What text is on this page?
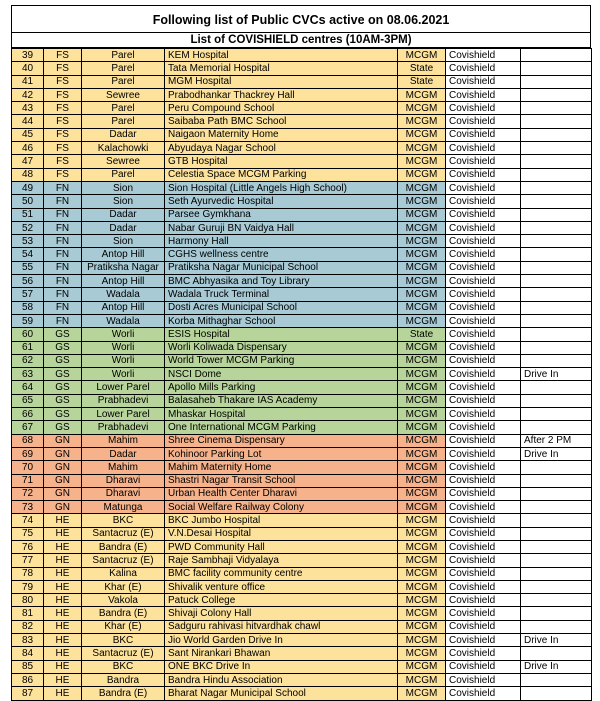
Following list of Public CVCs active on 08.06.2021
List of COVISHIELD centres (10AM-3PM)
39	FS	Parel	KEM Hospital	MCGM	Covishield	
40	FS	Parel	Tata Memorial Hospital	State	Covishield	
41	FS	Parel	MGM Hospital	State	Covishield	
42	FS	Sewree	Prabodhankar Thackrey Hall	MCGM	Covishield	
43	FS	Parel	Peru Compound School	MCGM	Covishield	
44	FS	Parel	Saibaba Path BMC School	MCGM	Covishield	
45	FS	Dadar	Naigaon Maternity Home	MCGM	Covishield	
46	FS	Kalachowki	Abyudaya Nagar School	MCGM	Covishield	
47	FS	Sewree	GTB Hospital	MCGM	Covishield	
48	FS	Parel	Celestia Space MCGM Parking	MCGM	Covishield	
49	FN	Sion	Sion Hospital (Little Angels High School)	MCGM	Covishield	
50	FN	Sion	Seth Ayurvedic Hospital	MCGM	Covishield	
51	FN	Dadar	Parsee Gymkhana	MCGM	Covishield	
52	FN	Dadar	Nabar Guruji BN Vaidya Hall	MCGM	Covishield	
53	FN	Sion	Harmony Hall	MCGM	Covishield	
54	FN	Antop Hill	CGHS wellness centre	MCGM	Covishield	
55	FN	Pratiksha Nagar	Pratiksha Nagar Municipal School	MCGM	Covishield	
56	FN	Antop Hill	BMC Abhyasika and Toy Library	MCGM	Covishield	
57	FN	Wadala	Wadala Truck Terminal	MCGM	Covishield	
58	FN	Antop Hill	Dosti Acres Municipal School	MCGM	Covishield	
59	FN	Wadala	Korba Mithaghar School	MCGM	Covishield	
60	GS	Worli	ESIS Hospital	State	Covishield	
61	GS	Worli	Worli Koliwada Dispensary	MCGM	Covishield	
62	GS	Worli	World Tower MCGM Parking	MCGM	Covishield	
63	GS	Worli	NSCI Dome	MCGM	Covishield	Drive In
64	GS	Lower Parel	Apollo Mills Parking	MCGM	Covishield	
65	GS	Prabhadevi	Balasaheb Thakare IAS Academy	MCGM	Covishield	
66	GS	Lower Parel	Mhaskar Hospital	MCGM	Covishield	
67	GS	Prabhadevi	One International MCGM Parking	MCGM	Covishield	
68	GN	Mahim	Shree Cinema Dispensary	MCGM	Covishield	After 2 PM
69	GN	Dadar	Kohinoor Parking Lot	MCGM	Covishield	Drive In
70	GN	Mahim	Mahim Maternity Home	MCGM	Covishield	
71	GN	Dharavi	Shastri Nagar Transit School	MCGM	Covishield	
72	GN	Dharavi	Urban Health Center Dharavi	MCGM	Covishield	
73	GN	Matunga	Social Welfare Railway Colony	MCGM	Covishield	
74	HE	BKC	BKC Jumbo Hospital	MCGM	Covishield	
75	HE	Santacruz (E)	V.N.Desai Hospital	MCGM	Covishield	
76	HE	Bandra (E)	PWD Community Hall	MCGM	Covishield	
77	HE	Santacruz (E)	Raje Sambhaji Vidyalaya	MCGM	Covishield	
78	HE	Kalina	BMC facility community centre	MCGM	Covishield	
79	HE	Khar (E)	Shivalik venture office	MCGM	Covishield	
80	HE	Vakola	Patuck College	MCGM	Covishield	
81	HE	Bandra (E)	Shivaji Colony Hall	MCGM	Covishield	
82	HE	Khar (E)	Sadguru rahivasi hitvardhak chawl	MCGM	Covishield	
83	HE	BKC	Jio World Garden Drive In	MCGM	Covishield	Drive In
84	HE	Santacruz (E)	Sant Nirankari Bhawan	MCGM	Covishield	
85	HE	BKC	ONE BKC Drive In	MCGM	Covishield	Drive In
86	HE	Bandra	Bandra Hindu Association	MCGM	Covishield	
87	HE	Bandra (E)	Bharat Nagar Municipal School	MCGM	Covishield	
